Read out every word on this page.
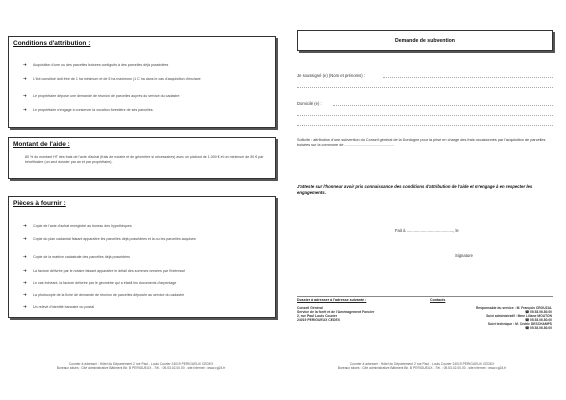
Conditions d'attribution :
➜ Acquisition d'une ou des parcelles boisées contiguës à des parcelles déjà possédées
➜ L'îlot constitué doit être de 1 ha minimum et de 5 ha maximum (1 C ha dans le cas d'acquisition d'enclave
➜ Le propriétaire dépose une demande de réunion de parcelles auprès du service du cadastre
➜ Le propriétaire s'engage à conserver la vocation forestière de ses parcelles.
Montant de l'aide :
80 % du montant HT des frais de l'acte d'achat (frais de notaire et de géomètre si nécessaires) avec un plafond de 1.000 € et un minimum de 50 € par bénéficiaire (un seul dossier par an et par propriétaire).
Pièces à fournir :
➜ Copie de l'acte d'achat enregistré au bureau des hypothèques
➜ Copie du plan cadastral faisant apparaître les parcelles déjà possédées et la ou les parcelles acquises
➜ Copie de la matrice cadastrale des parcelles déjà possédées
➜ La facture délivrée par le notaire faisant apparaître le détail des sommes versées par l'intéressé
➜ Le cas échéant, la facture délivrée par le géomètre qui a établi les documents d'arpentage
➜ La photocopie de la fiche de demande de réunion de parcelles déposée au service du cadastre
➜ Un relevé d'identité bancaire ou postal
Courrier à adresser : Hôtel du Département 2 rue Paul - Louis Courier 24019 PERIGUEUX CEDEX
Bureaux situés : Cité administrative Bâtiment Bir. B PERIGUEUX - Tél. : 05.53.02.00.00 - site internet : www.cg24.fr
Demande de subvention
Je soussigné (e) (Nom et prénoms) :
Domicilé (e) :
Sollicite : attribution d'une subvention du Conseil général de la Dordogne pour la prise en charge des frais occasionnés par l'acquisition de parcelles boisées sur la commune de ...............................................
J'atteste sur l'honneur avoir pris connaissance des conditions d'attribution de l'aide et m'engage à en respecter les engagements.
Fait à ........................................, le
Signature
Dossier à adresser à l'adresse suivante :
Conseil Général
Service de la forêt et de l'Aménagement Foncier
2, rue Paul Louis Courier
24019 PERIGUEUX CEDEX
Contacts
Responsable du service : M. François CROUZAL
☎ 05.53.06.80.00
Suivi administratif : Mme Liliane MOUTON
☎ 05.53.06.80.00
Suivi technique : M. Cédric DESCHAMPS
☎ 05.53.06.80.00
Courrier à adresser : Hôtel du Département 2 rue Paul - Louis Courier 24019 PERIGUEUX CEDEX
Bureaux situés : Cité administrative Bâtiment Bir. B PERIGUEUX - Tél. : 05.53.02.00.00 - site internet : www.cg24.fr
